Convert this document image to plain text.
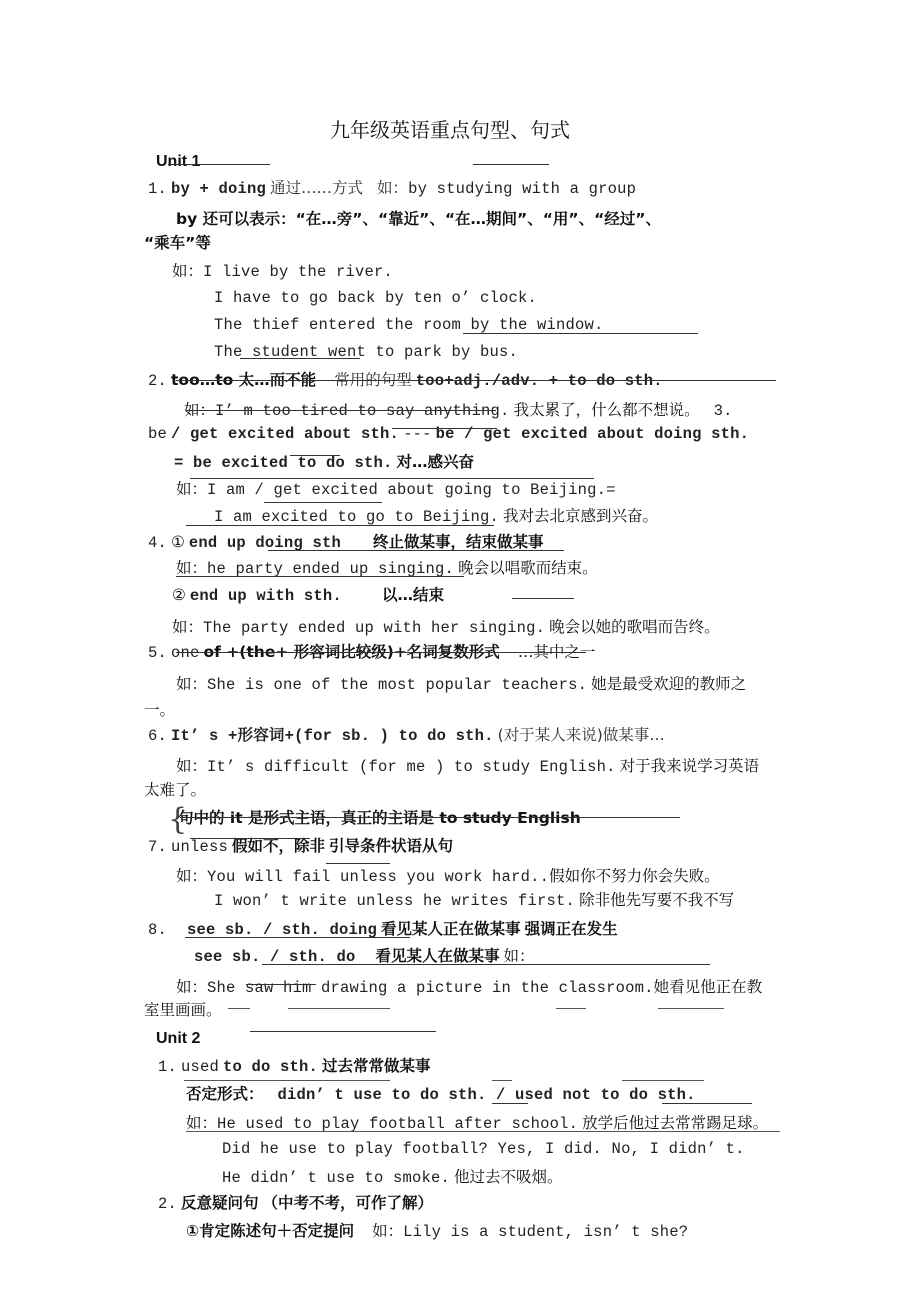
九年级英语重点句型、句式
Unit 1
1. by + doing 通过……方式 如：by studying with a group
by 还可以表示：“在…旁”、“靠近”、“在…期间”、“用”、“经过”、
“乘车”等
如：I live by the river.
I have to go back by ten o’ clock.
The thief entered the room by the window.
The student went to park by bus.
2. too…to 太…而不能 常用的句型 too+adj./adv. + to do sth.
如：I’ m too tired to say anything. 我太累了，什么都不想说。 3.
be / get excited about sth. --- be / get excited about doing sth.
= be excited to do sth. 对…感兴奋
如：I am / get excited about going to Beijing.=
I am excited to go to Beijing. 我对去北京感到兴奋。
4. ① end up doing sth 终止做某事，结束做某事
如：he party ended up singing. 晚会以唱歌而结束。
② end up with sth.	以…结束
如：The party ended up with her singing. 晚会以她的歌唱而告终。
5. one of +(the+ 形容词比较级)+名词复数形式 …其中之一
如：She is one of the most popular teachers. 她是最受欢迎的教师之
一。
6. It’ s +形容词+(for sb. ) to do sth. (对于某人来说)做某事…
如：It’ s difficult (for me ) to study English. 对于我来说学习英语
太难了。
{
句中的 it 是形式主语，真正的主语是 to study English
7. unless 假如不，除非 引导条件状语从句
如：You will fail unless you work hard..假如你不努力你会失败。
I won’ t write unless he writes first. 除非他先写要不我不写
8. see sb. / sth. doing 看见某人正在做某事 强调正在发生
see sb. / sth. do 看见某人在做某事 如：
如：She saw him drawing a picture in the classroom.她看见他正在教
室里画画。
Unit 2
1. used to do sth. 过去常常做某事
否定形式： didn’ t use to do sth. / used not to do sth.
如：He used to play football after school. 放学后他过去常常踢足球。
Did he use to play football? Yes, I did. No, I didn’ t.
He didn’ t use to smoke. 他过去不吸烟。
2. 反意疑问句 （中考不考，可作了解）
①肯定陈述句＋否定提问 如：Lily is a student, isn’ t she?
